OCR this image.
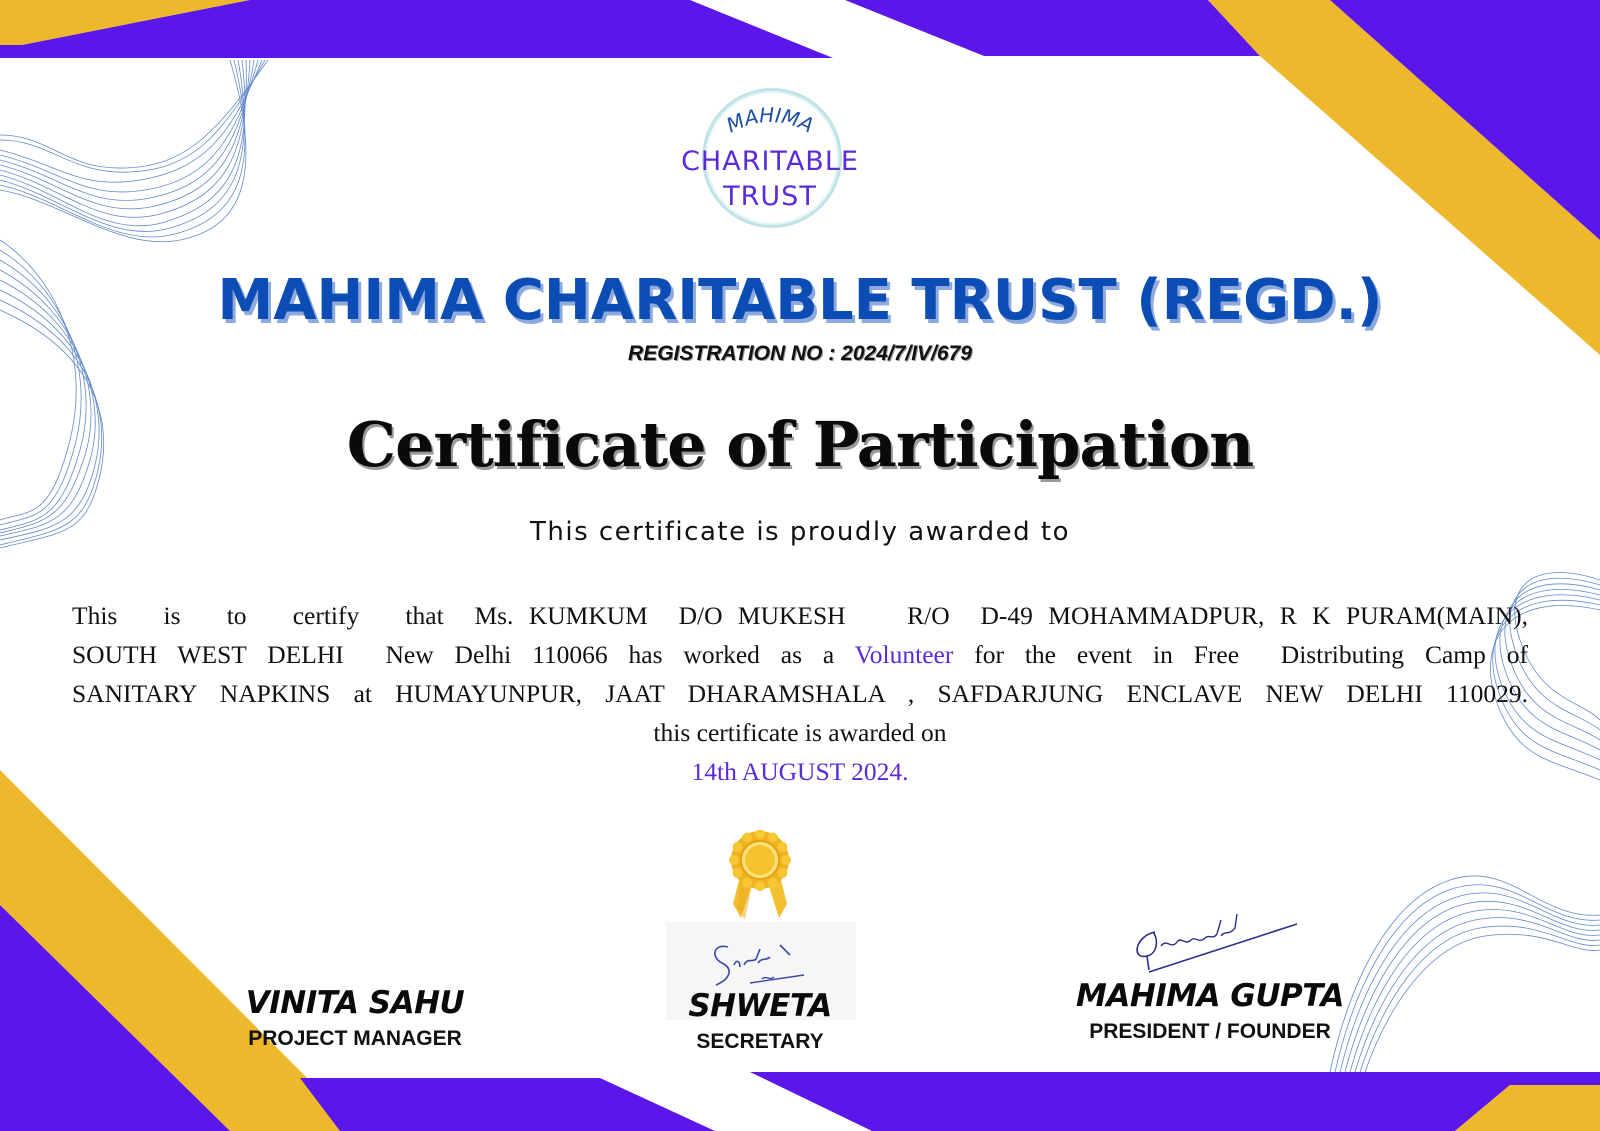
MAHIMA
CHARITABLE
TRUST
MAHIMA CHARITABLE TRUST (REGD.)
REGISTRATION NO : 2024/7/IV/679
Certificate of Participation
This certificate is proudly awarded to
This   is   to   certify   that  Ms. KUMKUM  D/O MUKESH    R/O  D-49 MOHAMMADPUR, R K PURAM(MAIN),
SOUTH WEST DELHI  New Delhi 110066 has worked as a Volunteer for the event in Free  Distributing Camp of
SANITARY NAPKINS at HUMAYUNPUR, JAAT DHARAMSHALA , SAFDARJUNG ENCLAVE NEW DELHI 110029.
this certificate is awarded on
14th AUGUST 2024.
VINITA SAHU
PROJECT MANAGER
SHWETA
SECRETARY
MAHIMA GUPTA
PRESIDENT / FOUNDER
